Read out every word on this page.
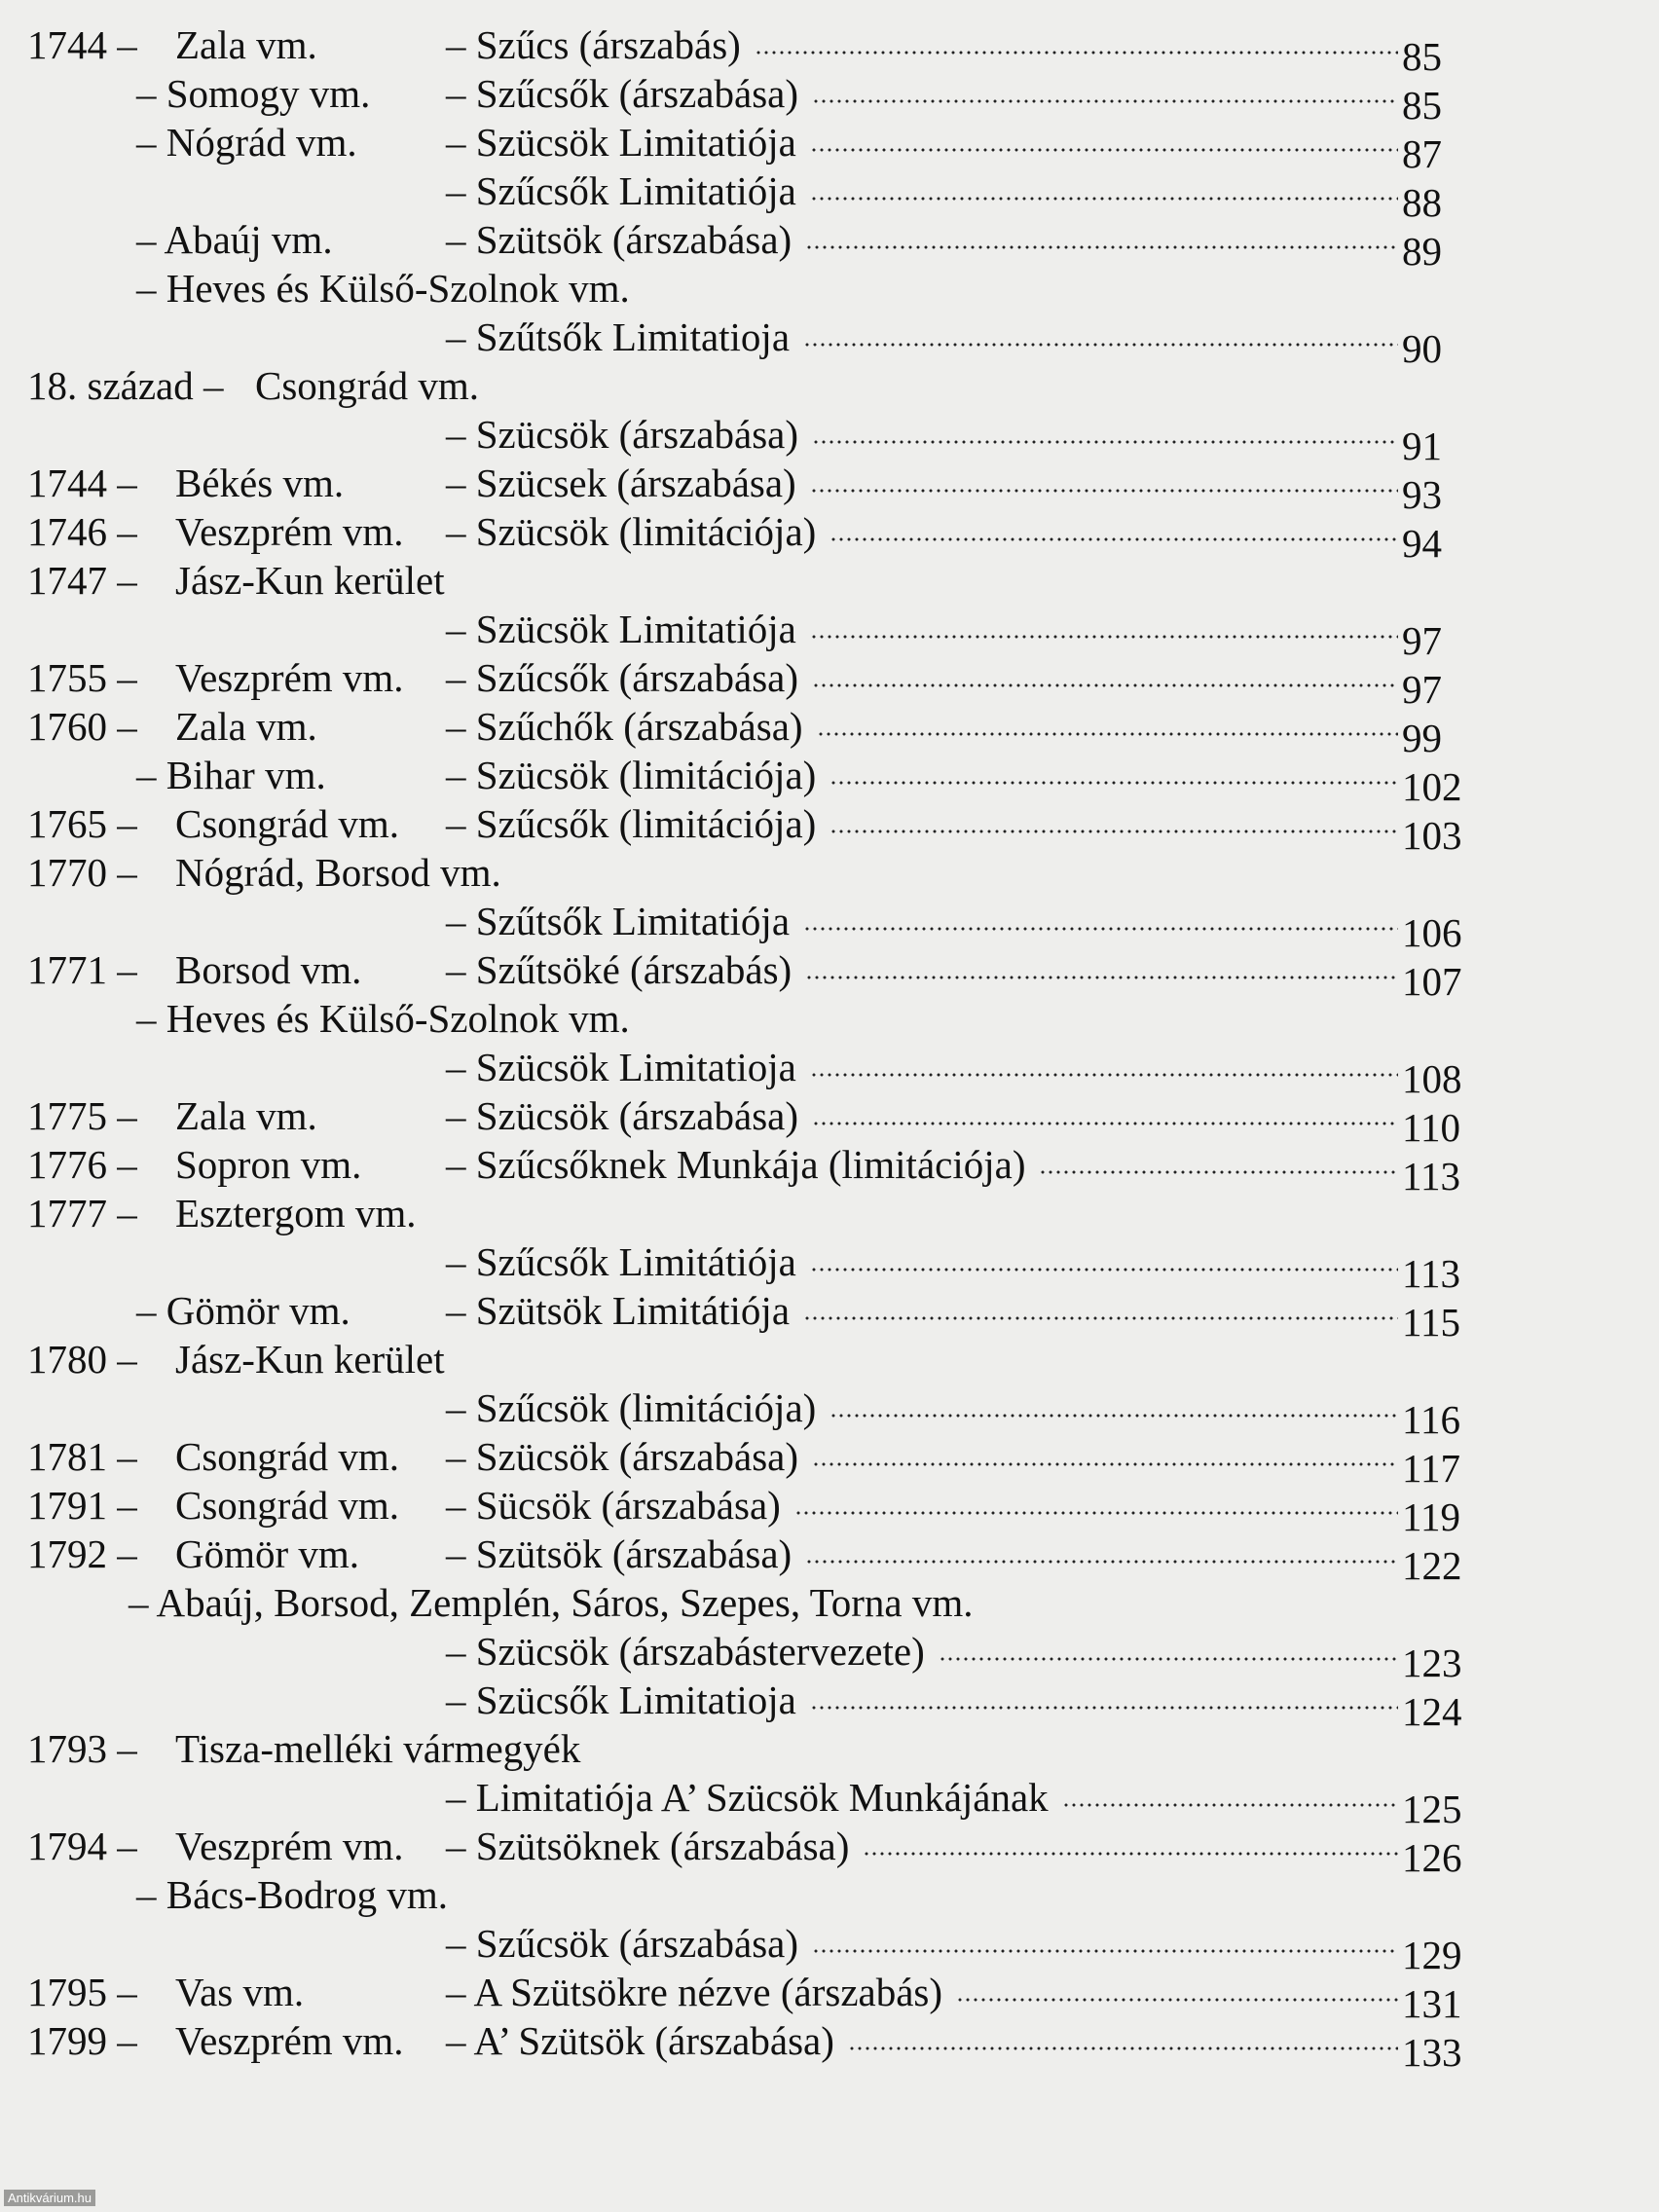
1744 – Zala vm.	– Szűcs (árszabás)	85
– Somogy vm. – Szűcsők (árszabása)	85
– Nógrád vm. – Szücsök Limitatiója	87
– Szűcsők Limitatiója	88
– Abaúj vm.	– Szütsök (árszabása)	89
– Heves és Külső-Szolnok vm.
– Szűtsők Limitatioja	90
18. század – Csongrád vm.
– Szücsök (árszabása)	91
1744 – Békés vm.	– Szücsek (árszabása)	93
1746 – Veszprém vm. – Szücsök (limitációja)	94
1747 – Jász-Kun kerület
– Szücsök Limitatiója	97
1755 – Veszprém vm. – Szűcsők (árszabása)	97
1760 – Zala vm.	– Szűchők (árszabása)	99
– Bihar vm.	– Szücsök (limitációja)	102
1765 – Csongrád vm. – Szűcsők (limitációja)	103
1770 – Nógrád, Borsod vm.
– Szűtsők Limitatiója	106
1771 – Borsod vm. – Szűtsöké (árszabás)	107
– Heves és Külső-Szolnok vm.
– Szücsök Limitatioja	108
1775 – Zala vm.	– Szücsök (árszabása)	110
1776 – Sopron vm. – Szűcsőknek Munkája (limitációja)	113
1777 – Esztergom vm.
– Szűcsők Limitátiója	113
– Gömör vm. – Szütsök Limitátiója	115
1780 – Jász-Kun kerület
– Szűcsök (limitációja)	116
1781 – Csongrád vm. – Szücsök (árszabása)	117
1791 – Csongrád vm. – Sücsök (árszabása)	119
1792 – Gömör vm. – Szütsök (árszabása)	122
– Abaúj, Borsod, Zemplén, Sáros, Szepes, Torna vm.
– Szücsök (árszabástervezete)	123
– Szücsők Limitatioja	124
1793 – Tisza-melléki vármegyék
– Limitatiója A’ Szücsök Munkájának	125
1794 – Veszprém vm. – Szütsöknek (árszabása)	126
– Bács-Bodrog vm.
– Szűcsök (árszabása)	129
1795 – Vas vm.	– A Szütsökre nézve (árszabás)	131
1799 – Veszprém vm. – A’ Szütsök (árszabása)	133
Antikvárium.hu
